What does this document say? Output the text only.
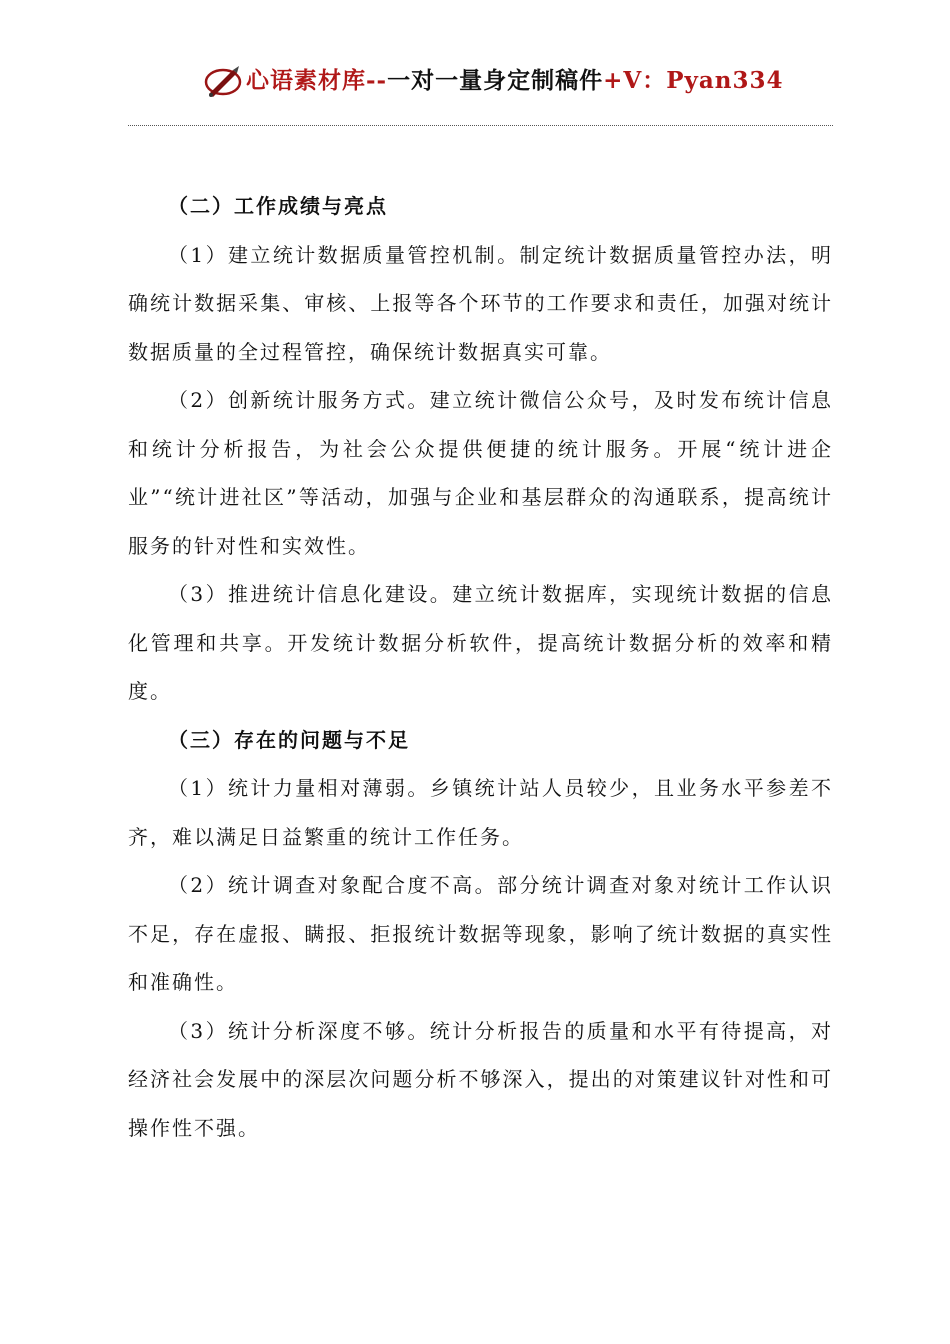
心语素材库--一对一量身定制稿件+V：Pyan334

（二）工作成绩与亮点

（1）建立统计数据质量管控机制。制定统计数据质量管控办法，明确统计数据采集、审核、上报等各个环节的工作要求和责任，加强对统计数据质量的全过程管控，确保统计数据真实可靠。

（2）创新统计服务方式。建立统计微信公众号，及时发布统计信息和统计分析报告，为社会公众提供便捷的统计服务。开展“统计进企业”“统计进社区”等活动，加强与企业和基层群众的沟通联系，提高统计服务的针对性和实效性。

（3）推进统计信息化建设。建立统计数据库，实现统计数据的信息化管理和共享。开发统计数据分析软件，提高统计数据分析的效率和精度。

（三）存在的问题与不足

（1）统计力量相对薄弱。乡镇统计站人员较少，且业务水平参差不齐，难以满足日益繁重的统计工作任务。

（2）统计调查对象配合度不高。部分统计调查对象对统计工作认识不足，存在虚报、瞒报、拒报统计数据等现象，影响了统计数据的真实性和准确性。

（3）统计分析深度不够。统计分析报告的质量和水平有待提高，对经济社会发展中的深层次问题分析不够深入，提出的对策建议针对性和可操作性不强。
